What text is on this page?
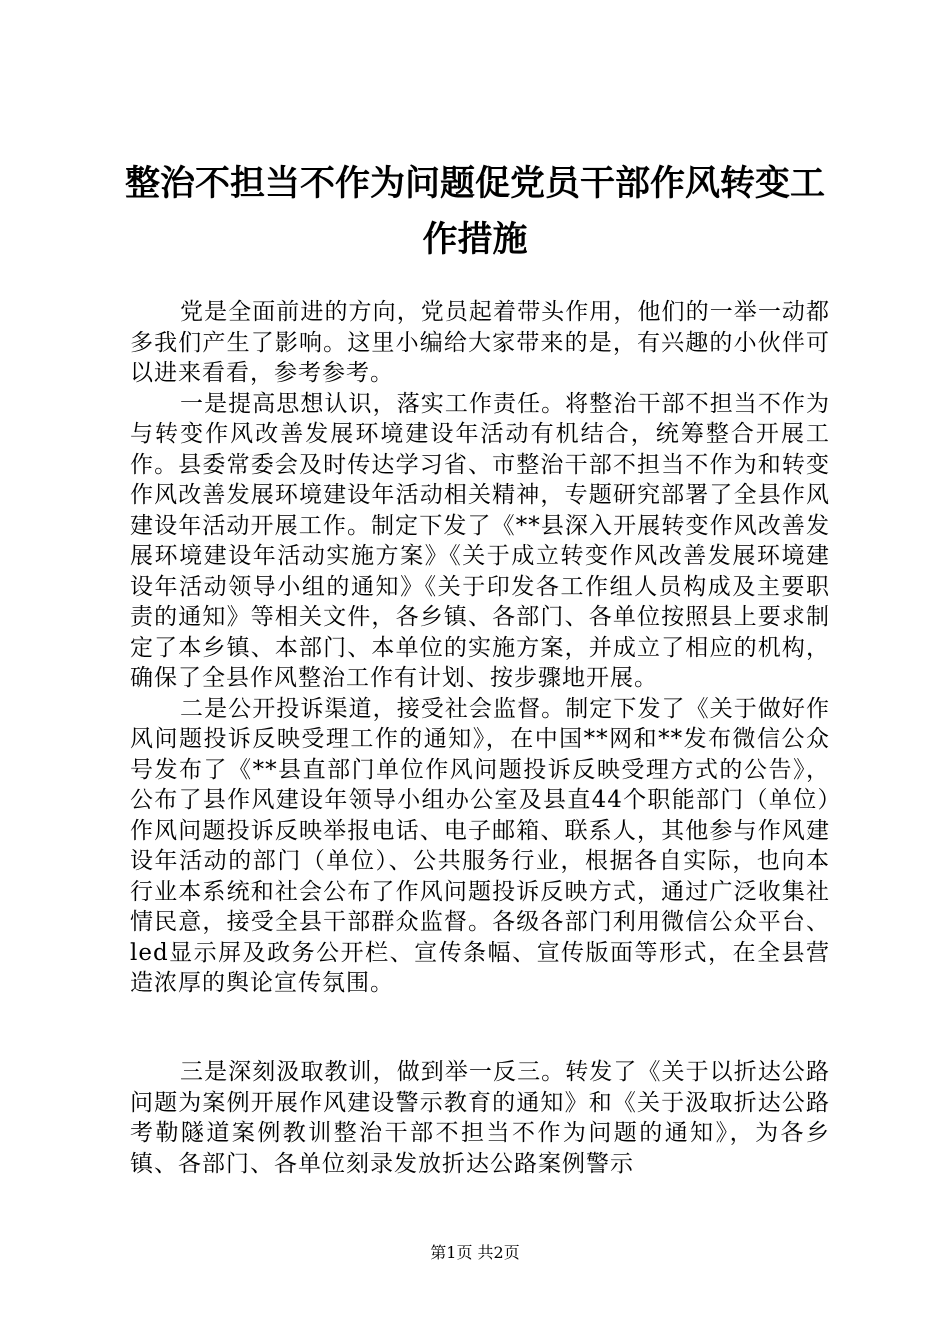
整治不担当不作为问题促党员干部作风转变工
作措施

党是全面前进的方向，党员起着带头作用，他们的一举一动都多我们产生了影响。这里小编给大家带来的是，有兴趣的小伙伴可以进来看看，参考参考。

一是提高思想认识，落实工作责任。将整治干部不担当不作为与转变作风改善发展环境建设年活动有机结合，统筹整合开展工作。县委常委会及时传达学习省、市整治干部不担当不作为和转变作风改善发展环境建设年活动相关精神，专题研究部署了全县作风建设年活动开展工作。制定下发了《**县深入开展转变作风改善发展环境建设年活动实施方案》《关于成立转变作风改善发展环境建设年活动领导小组的通知》《关于印发各工作组人员构成及主要职责的通知》等相关文件，各乡镇、各部门、各单位按照县上要求制定了本乡镇、本部门、本单位的实施方案，并成立了相应的机构，确保了全县作风整治工作有计划、按步骤地开展。

二是公开投诉渠道，接受社会监督。制定下发了《关于做好作风问题投诉反映受理工作的通知》，在中国**网和**发布微信公众号发布了《**县直部门单位作风问题投诉反映受理方式的公告》，公布了县作风建设年领导小组办公室及县直44个职能部门（单位）作风问题投诉反映举报电话、电子邮箱、联系人，其他参与作风建设年活动的部门（单位）、公共服务行业，根据各自实际，也向本行业本系统和社会公布了作风问题投诉反映方式，通过广泛收集社情民意，接受全县干部群众监督。各级各部门利用微信公众平台、led显示屏及政务公开栏、宣传条幅、宣传版面等形式，在全县营造浓厚的舆论宣传氛围。

三是深刻汲取教训，做到举一反三。转发了《关于以折达公路问题为案例开展作风建设警示教育的通知》和《关于汲取折达公路考勒隧道案例教训整治干部不担当不作为问题的通知》，为各乡镇、各部门、各单位刻录发放折达公路案例警示

第1页 共2页
